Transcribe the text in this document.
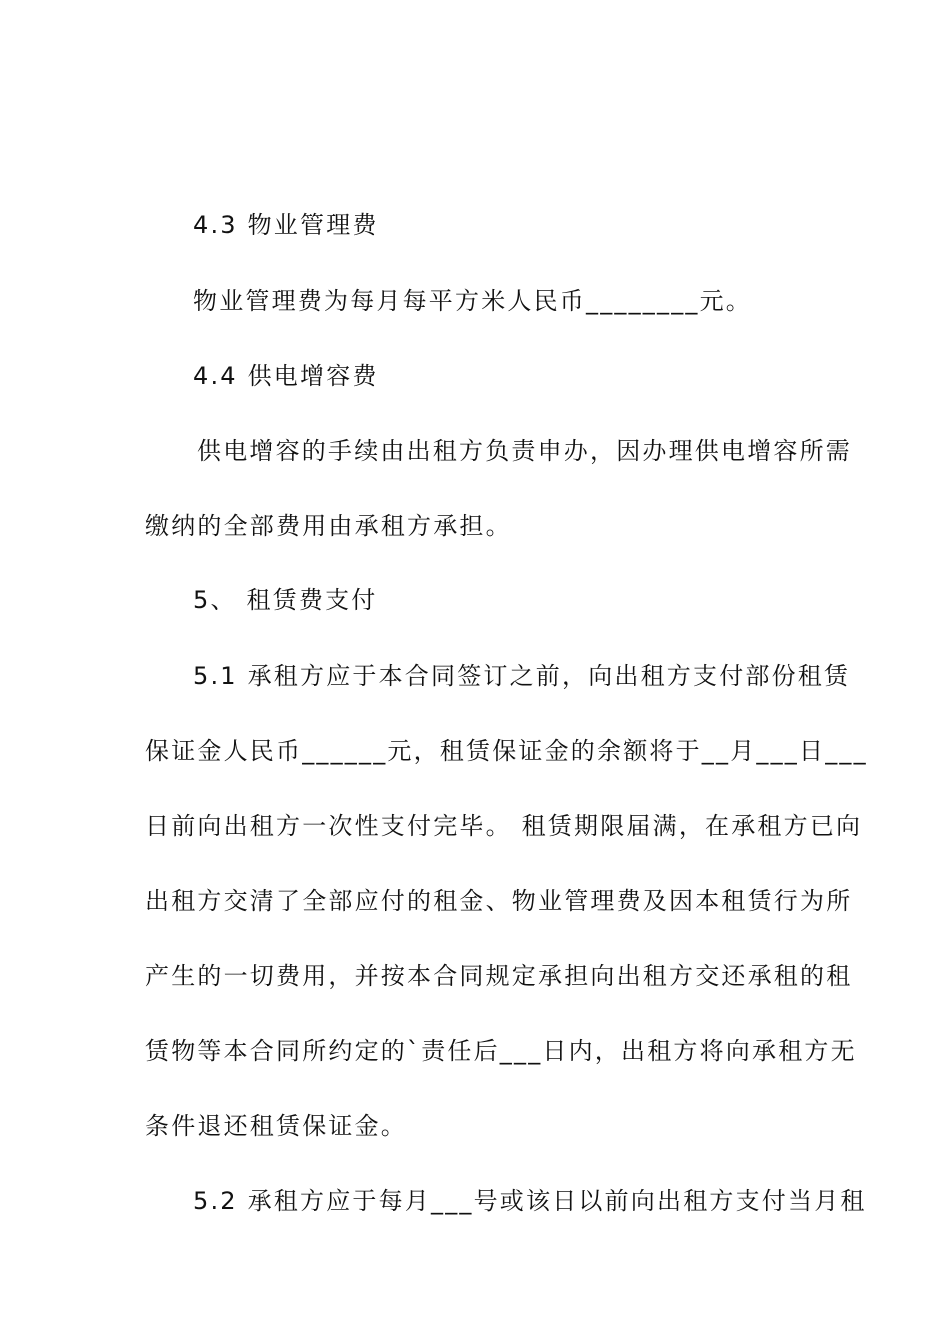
4.3 物业管理费
物业管理费为每月每平方米人民币________元。
4.4 供电增容费
供电增容的手续由出租方负责申办，因办理供电增容所需
缴纳的全部费用由承租方承担。
5、 租赁费支付
5.1 承租方应于本合同签订之前，向出租方支付部份租赁
保证金人民币______元，租赁保证金的余额将于__月___日___
日前向出租方一次性支付完毕。 租赁期限届满，在承租方已向
出租方交清了全部应付的租金、物业管理费及因本租赁行为所
产生的一切费用，并按本合同规定承担向出租方交还承租的租
赁物等本合同所约定的`责任后___日内，出租方将向承租方无
条件退还租赁保证金。
5.2 承租方应于每月___号或该日以前向出租方支付当月租
